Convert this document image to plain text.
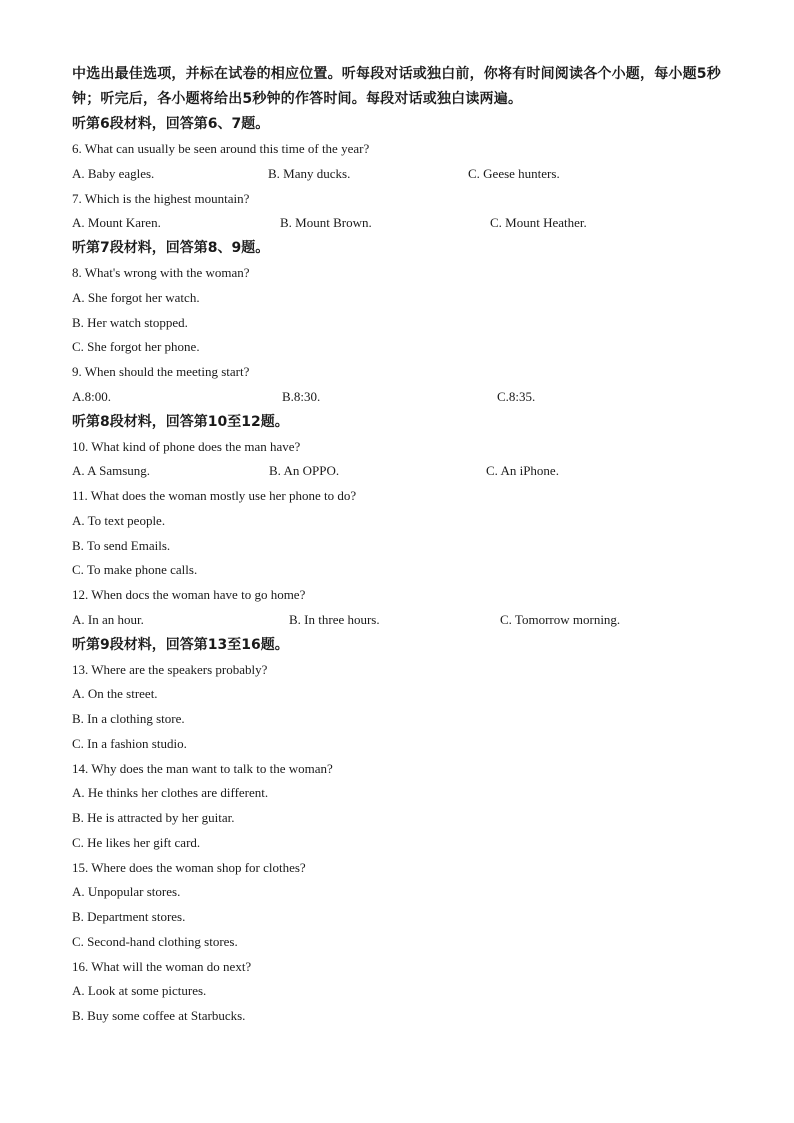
中选出最佳选项，并标在试卷的相应位置。听每段对话或独白前，你将有时间阅读各个小题，每小题5秒钟；听完后，各小题将给出5秒钟的作答时间。每段对话或独白读两遍。

听第6段材料，回答第6、7题。

6. What can usually be seen around this time of the year?

A. Baby eagles.	B. Many ducks.	C. Geese hunters.

7. Which is the highest mountain?

A. Mount Karen.	B. Mount Brown.	C. Mount Heather.

听第7段材料，回答第8、9题。

8. What's wrong with the woman?

A. She forgot her watch.

B. Her watch stopped.

C. She forgot her phone.

9. When should the meeting start?

A.8:00.	B.8:30.	C.8:35.

听第8段材料，回答第10至12题。

10. What kind of phone does the man have?

A. A Samsung.	B. An OPPO.	C. An iPhone.

11. What does the woman mostly use her phone to do?

A. To text people.

B. To send Emails.

C. To make phone calls.

12. When docs the woman have to go home?

A. In an hour.	B. In three hours.	C. Tomorrow morning.

听第9段材料，回答第13至16题。

13. Where are the speakers probably?

A. On the street.

B. In a clothing store.

C. In a fashion studio.

14. Why does the man want to talk to the woman?

A. He thinks her clothes are different.

B. He is attracted by her guitar.

C. He likes her gift card.

15. Where does the woman shop for clothes?

A. Unpopular stores.

B. Department stores.

C. Second-hand clothing stores.

16. What will the woman do next?

A. Look at some pictures.

B. Buy some coffee at Starbucks.
